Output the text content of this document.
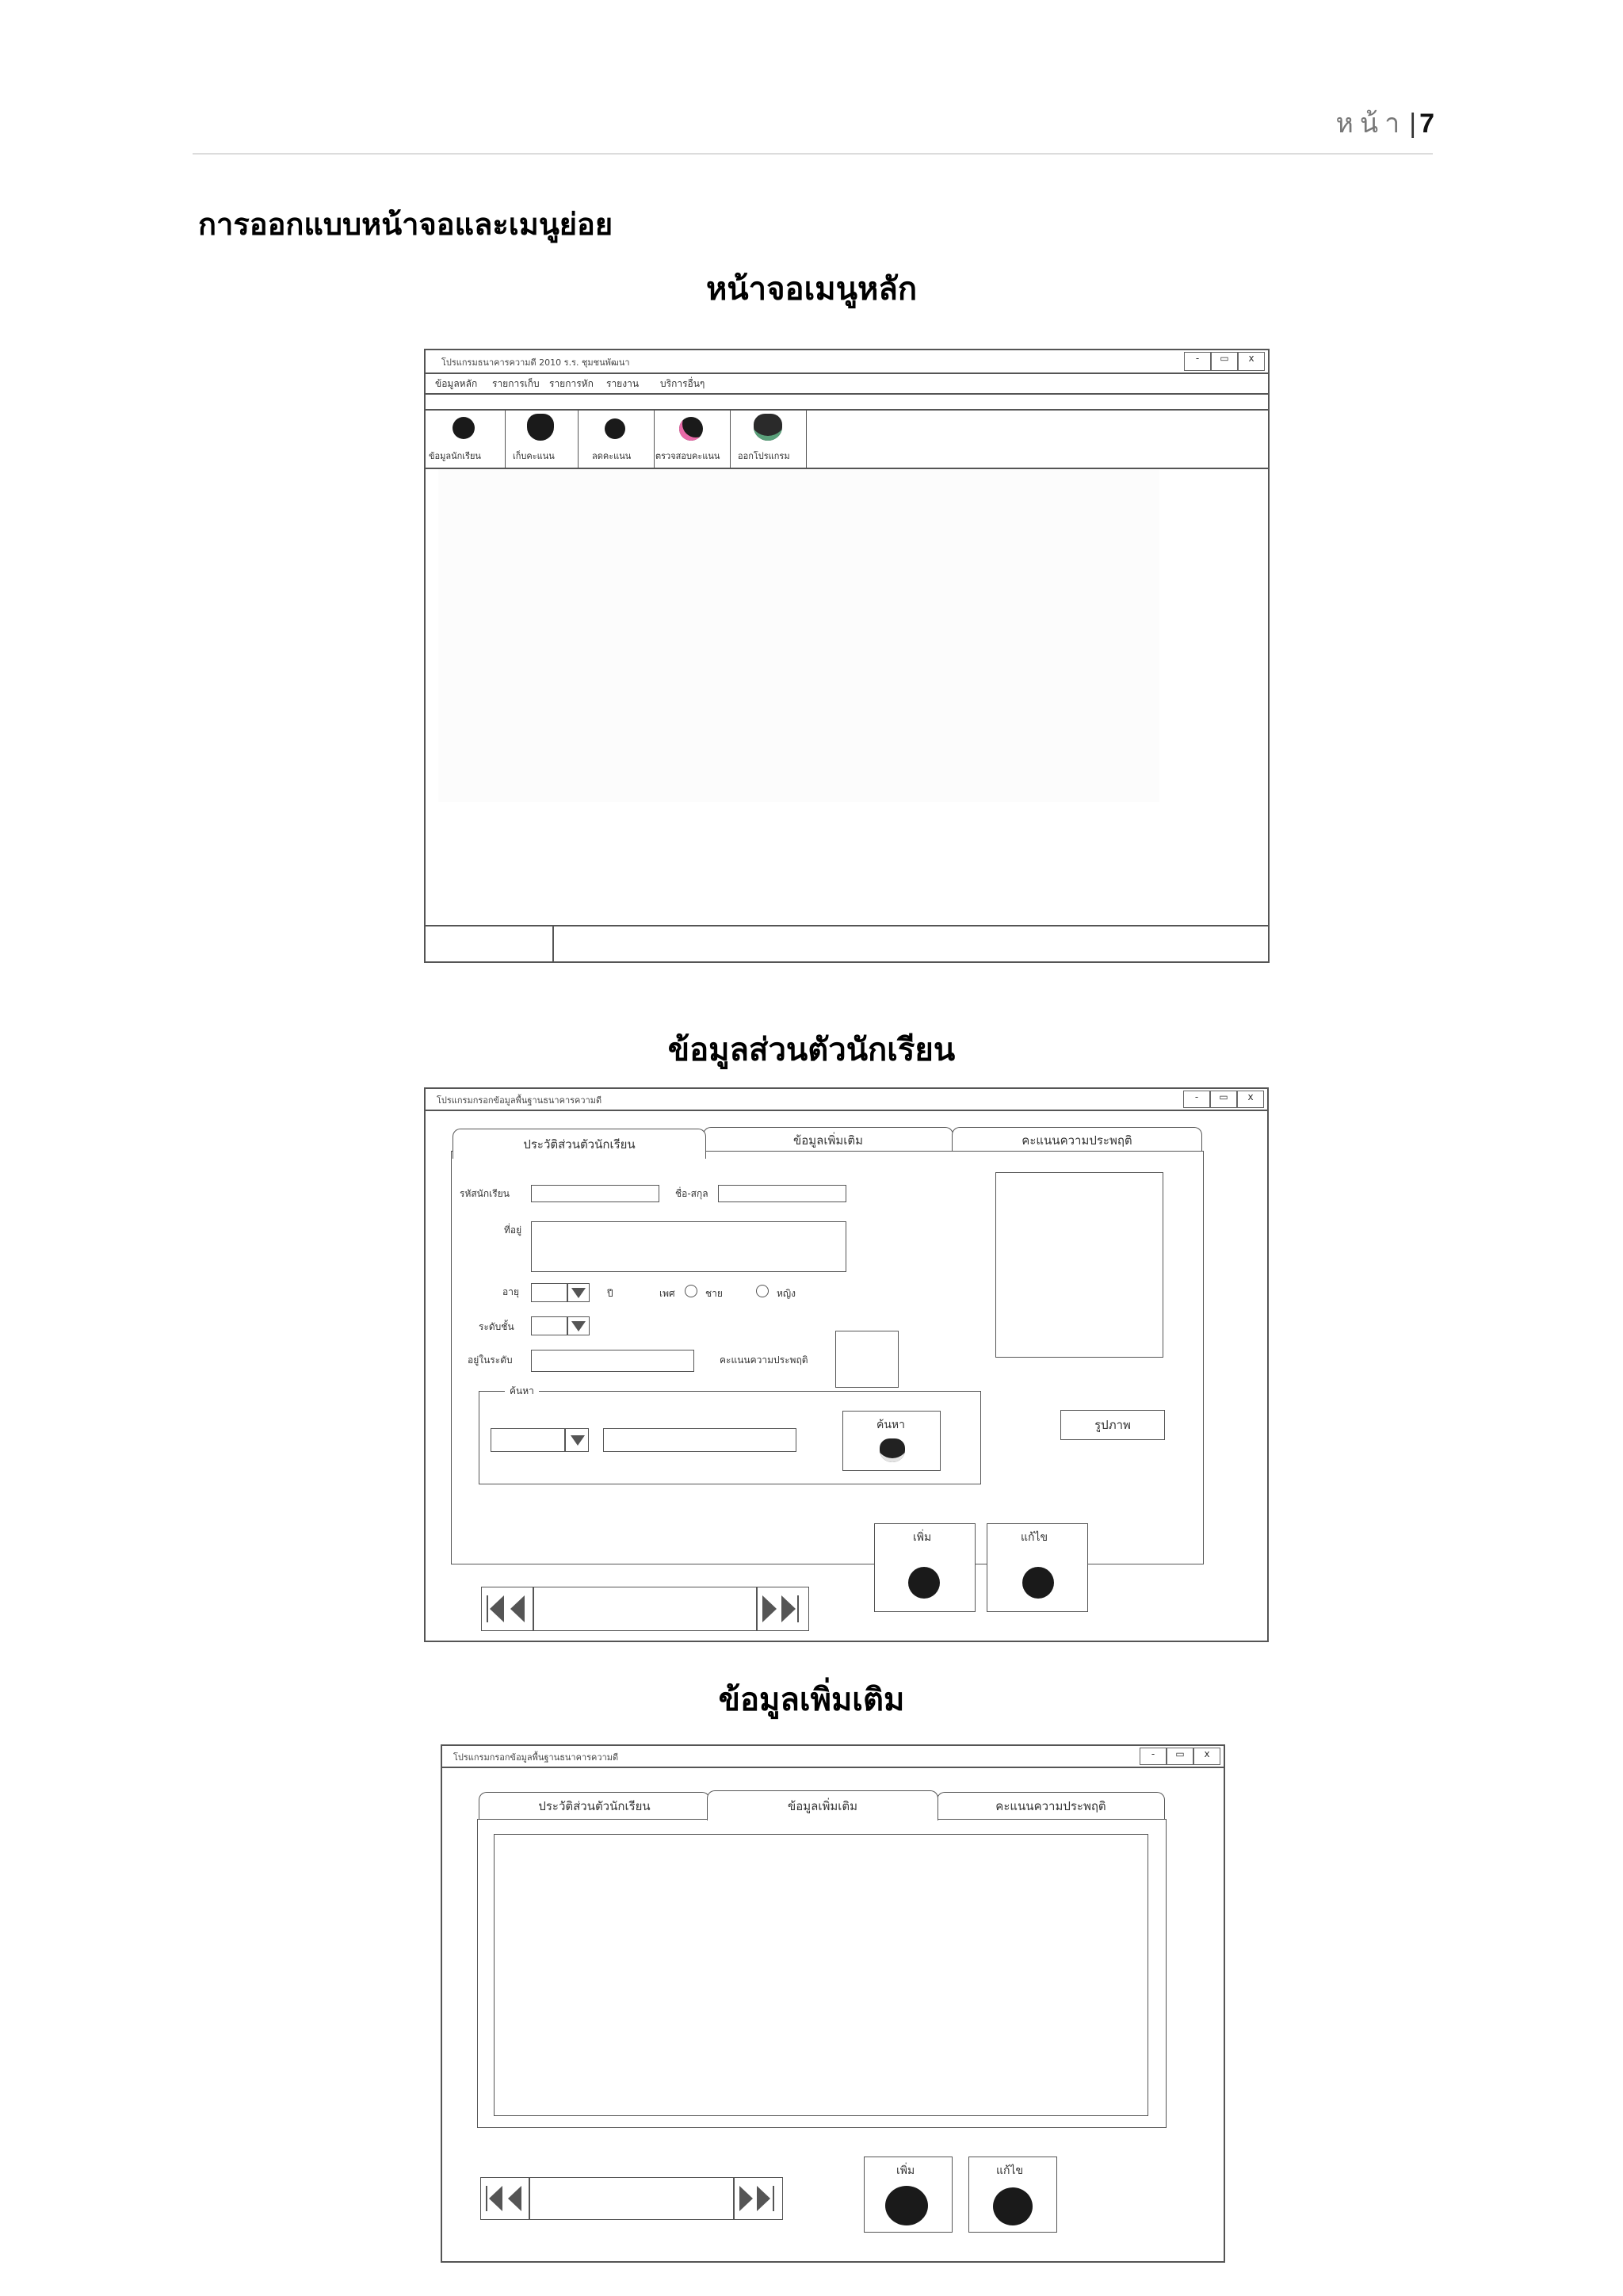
หน้า | 7
การออกแบบหน้าจอและเมนูย่อย
หน้าจอเมนูหลัก
โปรแกรมธนาคารความดี 2010 ร.ร. ชุมชนพัฒนา	-	▭	x
ข้อมูลหลัก รายการเก็บ รายการหัก รายงาน บริการอื่นๆ
ข้อมูลนักเรียน	เก็บคะแนน	ลดคะแนน	ตรวจสอบคะแนน ออกโปรแกรม
ข้อมูลส่วนตัวนักเรียน
โปรแกรมกรอกข้อมูลพื้นฐานธนาคารความดี	-	▭	x
ประวัติส่วนตัวนักเรียน	ข้อมูลเพิ่มเติม	คะแนนความประพฤติ
รหัสนักเรียน	ชื่อ-สกุล
ที่อยู่
อายุ	ปี	เพศ	ชาย	หญิง
ระดับชั้น
อยู่ในระดับ	คะแนนความประพฤติ
รูปภาพ
ค้นหา
ค้นหา
เพิ่ม	แก้ไข
ข้อมูลเพิ่มเติม
โปรแกรมกรอกข้อมูลพื้นฐานธนาคารความดี	-	▭	x
ประวัติส่วนตัวนักเรียน	ข้อมูลเพิ่มเติม	คะแนนความประพฤติ
เพิ่ม	แก้ไข
